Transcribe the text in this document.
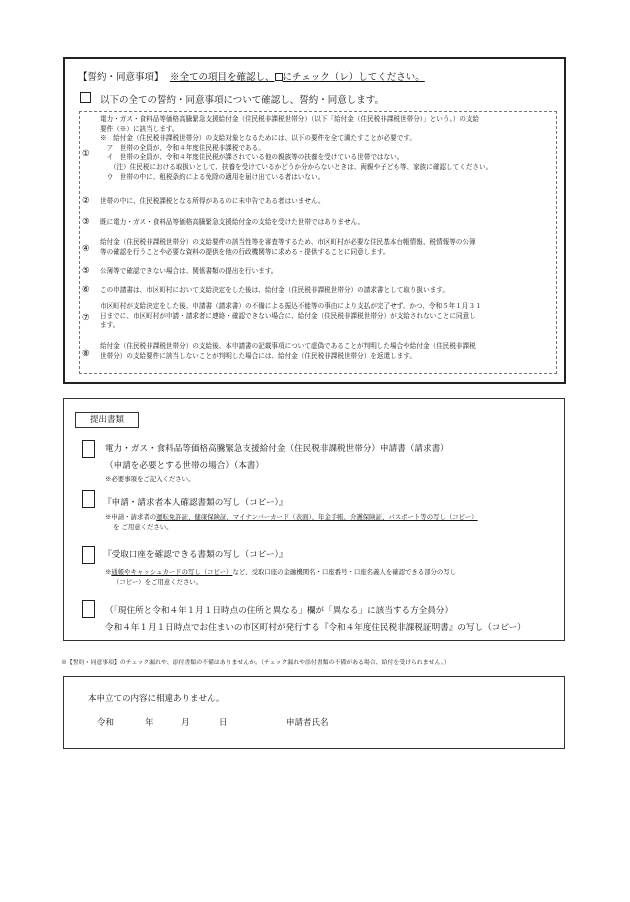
【誓約・同意事項】 ※全ての項目を確認し、 にチェック（レ）してください。
以下の全ての誓約・同意事項について確認し、誓約・同意します。
①
電力・ガス・食料品等価格高騰緊急支援給付金（住民税非課税世帯分）（以下「給付金（住民税非課税世帯分）」という。）の支給
要件（※）に該当します。
※　給付金（住民税非課税世帯分）の支給対象となるためには、以下の要件を全て満たすことが必要です。
　ア　世帯の全員が、令和４年度住民税非課税である。
　イ　世帯の全員が、令和４年度住民税が課されている他の親族等の扶養を受けている世帯ではない。
　　（注）住民税における取扱いとして、扶養を受けているかどうか分からないときは、両親や子ども等、家族に確認してください。
　ウ　世帯の中に、租税条約による免除の適用を届け出ている者はいない。
② 世帯の中に、住民税課税となる所得があるのに未申告である者はいません。
③ 既に電力・ガス・食料品等価格高騰緊急支援給付金の支給を受けた世帯ではありません。
④
給付金（住民税非課税世帯分）の支給要件の該当性等を審査等するため、市区町村が必要な住民基本台帳情報、税情報等の公簿
等の確認を行うことや必要な資料の提供を他の行政機関等に求める・提供することに同意します。
⑤ 公簿等で確認できない場合は、関係書類の提出を行います。
⑥ この申請書は、市区町村において支給決定をした後は、給付金（住民税非課税世帯分）の請求書として取り扱います。
⑦
市区町村が支給決定をした後、申請書（請求書）の不備による振込不能等の事由により支払が完了せず、かつ、令和５年１月３１
日までに、市区町村が申請・請求者に連絡・確認できない場合に、給付金（住民税非課税世帯分）が支給されないことに同意し
ます。
⑧
給付金（住民税非課税世帯分）の支給後、本申請書の記載事項について虚偽であることが判明した場合や給付金（住民税非課税
世帯分）の支給要件に該当しないことが判明した場合には、給付金（住民税非課税世帯分）を返還します。
提出書類
電力・ガス・食料品等価格高騰緊急支援給付金（住民税非課税世帯分）申請書（請求書）
（申請を必要とする世帯の場合）（本書）
※必要事項をご記入ください。
『申請・請求者本人確認書類の写し（コピー）』
※申請・請求者の運転免許証、健康保険証、マイナンバーカード（表面）、年金手帳、介護保険証、パスポート等の写し（コピー）
を ご用意ください。
『受取口座を確認できる書類の写し（コピー）』
※通帳やキャッシュカードの写し（コピー）など、受取口座の金融機関名・口座番号・口座名義人を確認できる部分の写し
（コピー）をご用意ください。
（「現住所と令和４年１月１日時点の住所と異なる」欄が「異なる」に該当する方全員分）
令和４年１月１日時点でお住まいの市区町村が発行する『令和４年度住民税非課税証明書』の写し（コピー）
※【誓約・同意事項】のチェック漏れや、添付書類の不備はありませんか。（チェック漏れや添付書類の不備がある場合、給付を受けられません。）
本申立ての内容に相違ありません。
令和	年	月	日	申請者氏名
